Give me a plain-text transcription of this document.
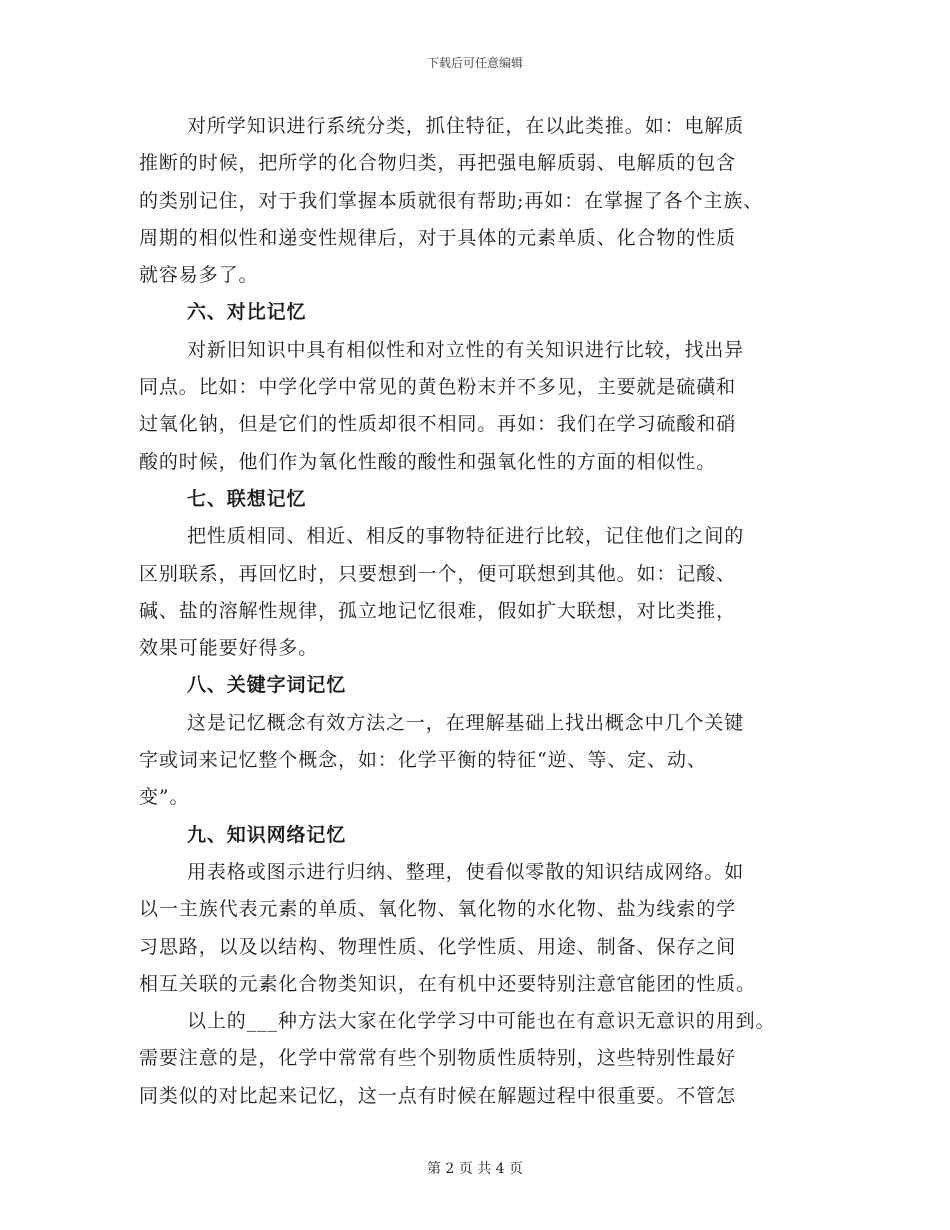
下载后可任意编辑
对所学知识进行系统分类，抓住特征，在以此类推。如：电解质
推断的时候，把所学的化合物归类，再把强电解质弱、电解质的包含
的类别记住，对于我们掌握本质就很有帮助;再如：在掌握了各个主族、
周期的相似性和递变性规律后，对于具体的元素单质、化合物的性质
就容易多了。
六、对比记忆
对新旧知识中具有相似性和对立性的有关知识进行比较，找出异
同点。比如：中学化学中常见的黄色粉末并不多见，主要就是硫磺和
过氧化钠，但是它们的性质却很不相同。再如：我们在学习硫酸和硝
酸的时候，他们作为氧化性酸的酸性和强氧化性的方面的相似性。
七、联想记忆
把性质相同、相近、相反的事物特征进行比较，记住他们之间的
区别联系，再回忆时，只要想到一个，便可联想到其他。如：记酸、
碱、盐的溶解性规律，孤立地记忆很难，假如扩大联想，对比类推，
效果可能要好得多。
八、关键字词记忆
这是记忆概念有效方法之一，在理解基础上找出概念中几个关键
字或词来记忆整个概念，如：化学平衡的特征“逆、等、定、动、
变”。
九、知识网络记忆
用表格或图示进行归纳、整理，使看似零散的知识结成网络。如
以一主族代表元素的单质、氧化物、氧化物的水化物、盐为线索的学
习思路，以及以结构、物理性质、化学性质、用途、制备、保存之间
相互关联的元素化合物类知识，在有机中还要特别注意官能团的性质。
以上的___种方法大家在化学学习中可能也在有意识无意识的用到。
需要注意的是，化学中常常有些个别物质性质特别，这些特别性最好
同类似的对比起来记忆，这一点有时候在解题过程中很重要。不管怎
第 2 页 共 4 页
